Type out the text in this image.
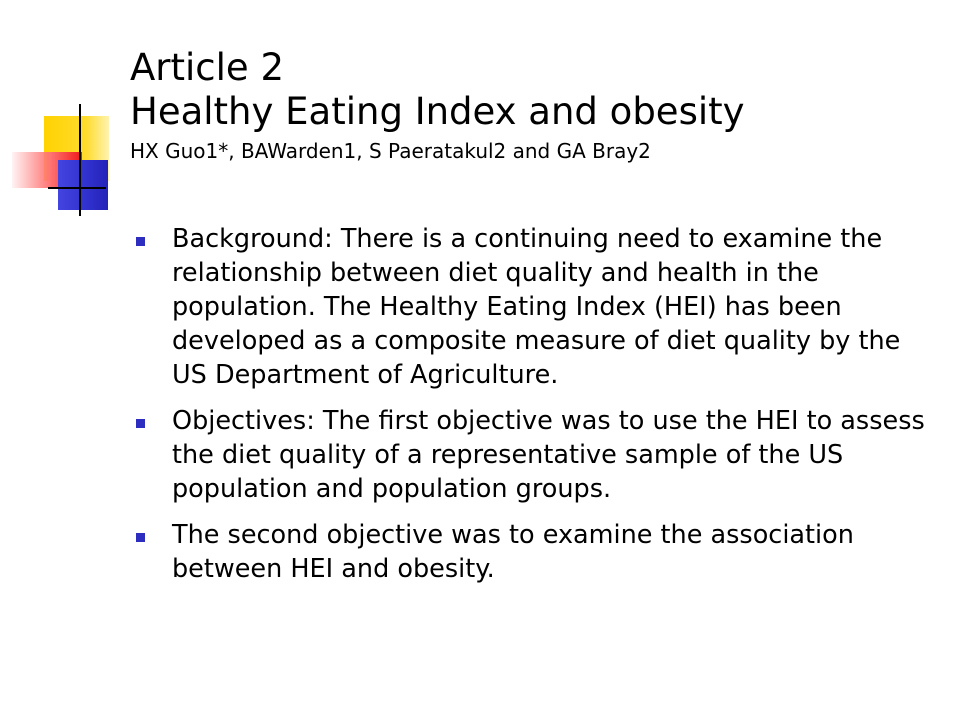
Article 2
Healthy Eating Index and obesity
HX Guo1*, BAWarden1, S Paeratakul2 and GA Bray2
Background: There is a continuing need to examine the relationship between diet quality and health in the population. The Healthy Eating Index (HEI) has been developed as a composite measure of diet quality by the US Department of Agriculture.
Objectives: The first objective was to use the HEI to assess the diet quality of a representative sample of the US population and population groups.
The second objective was to examine the association between HEI and obesity.
